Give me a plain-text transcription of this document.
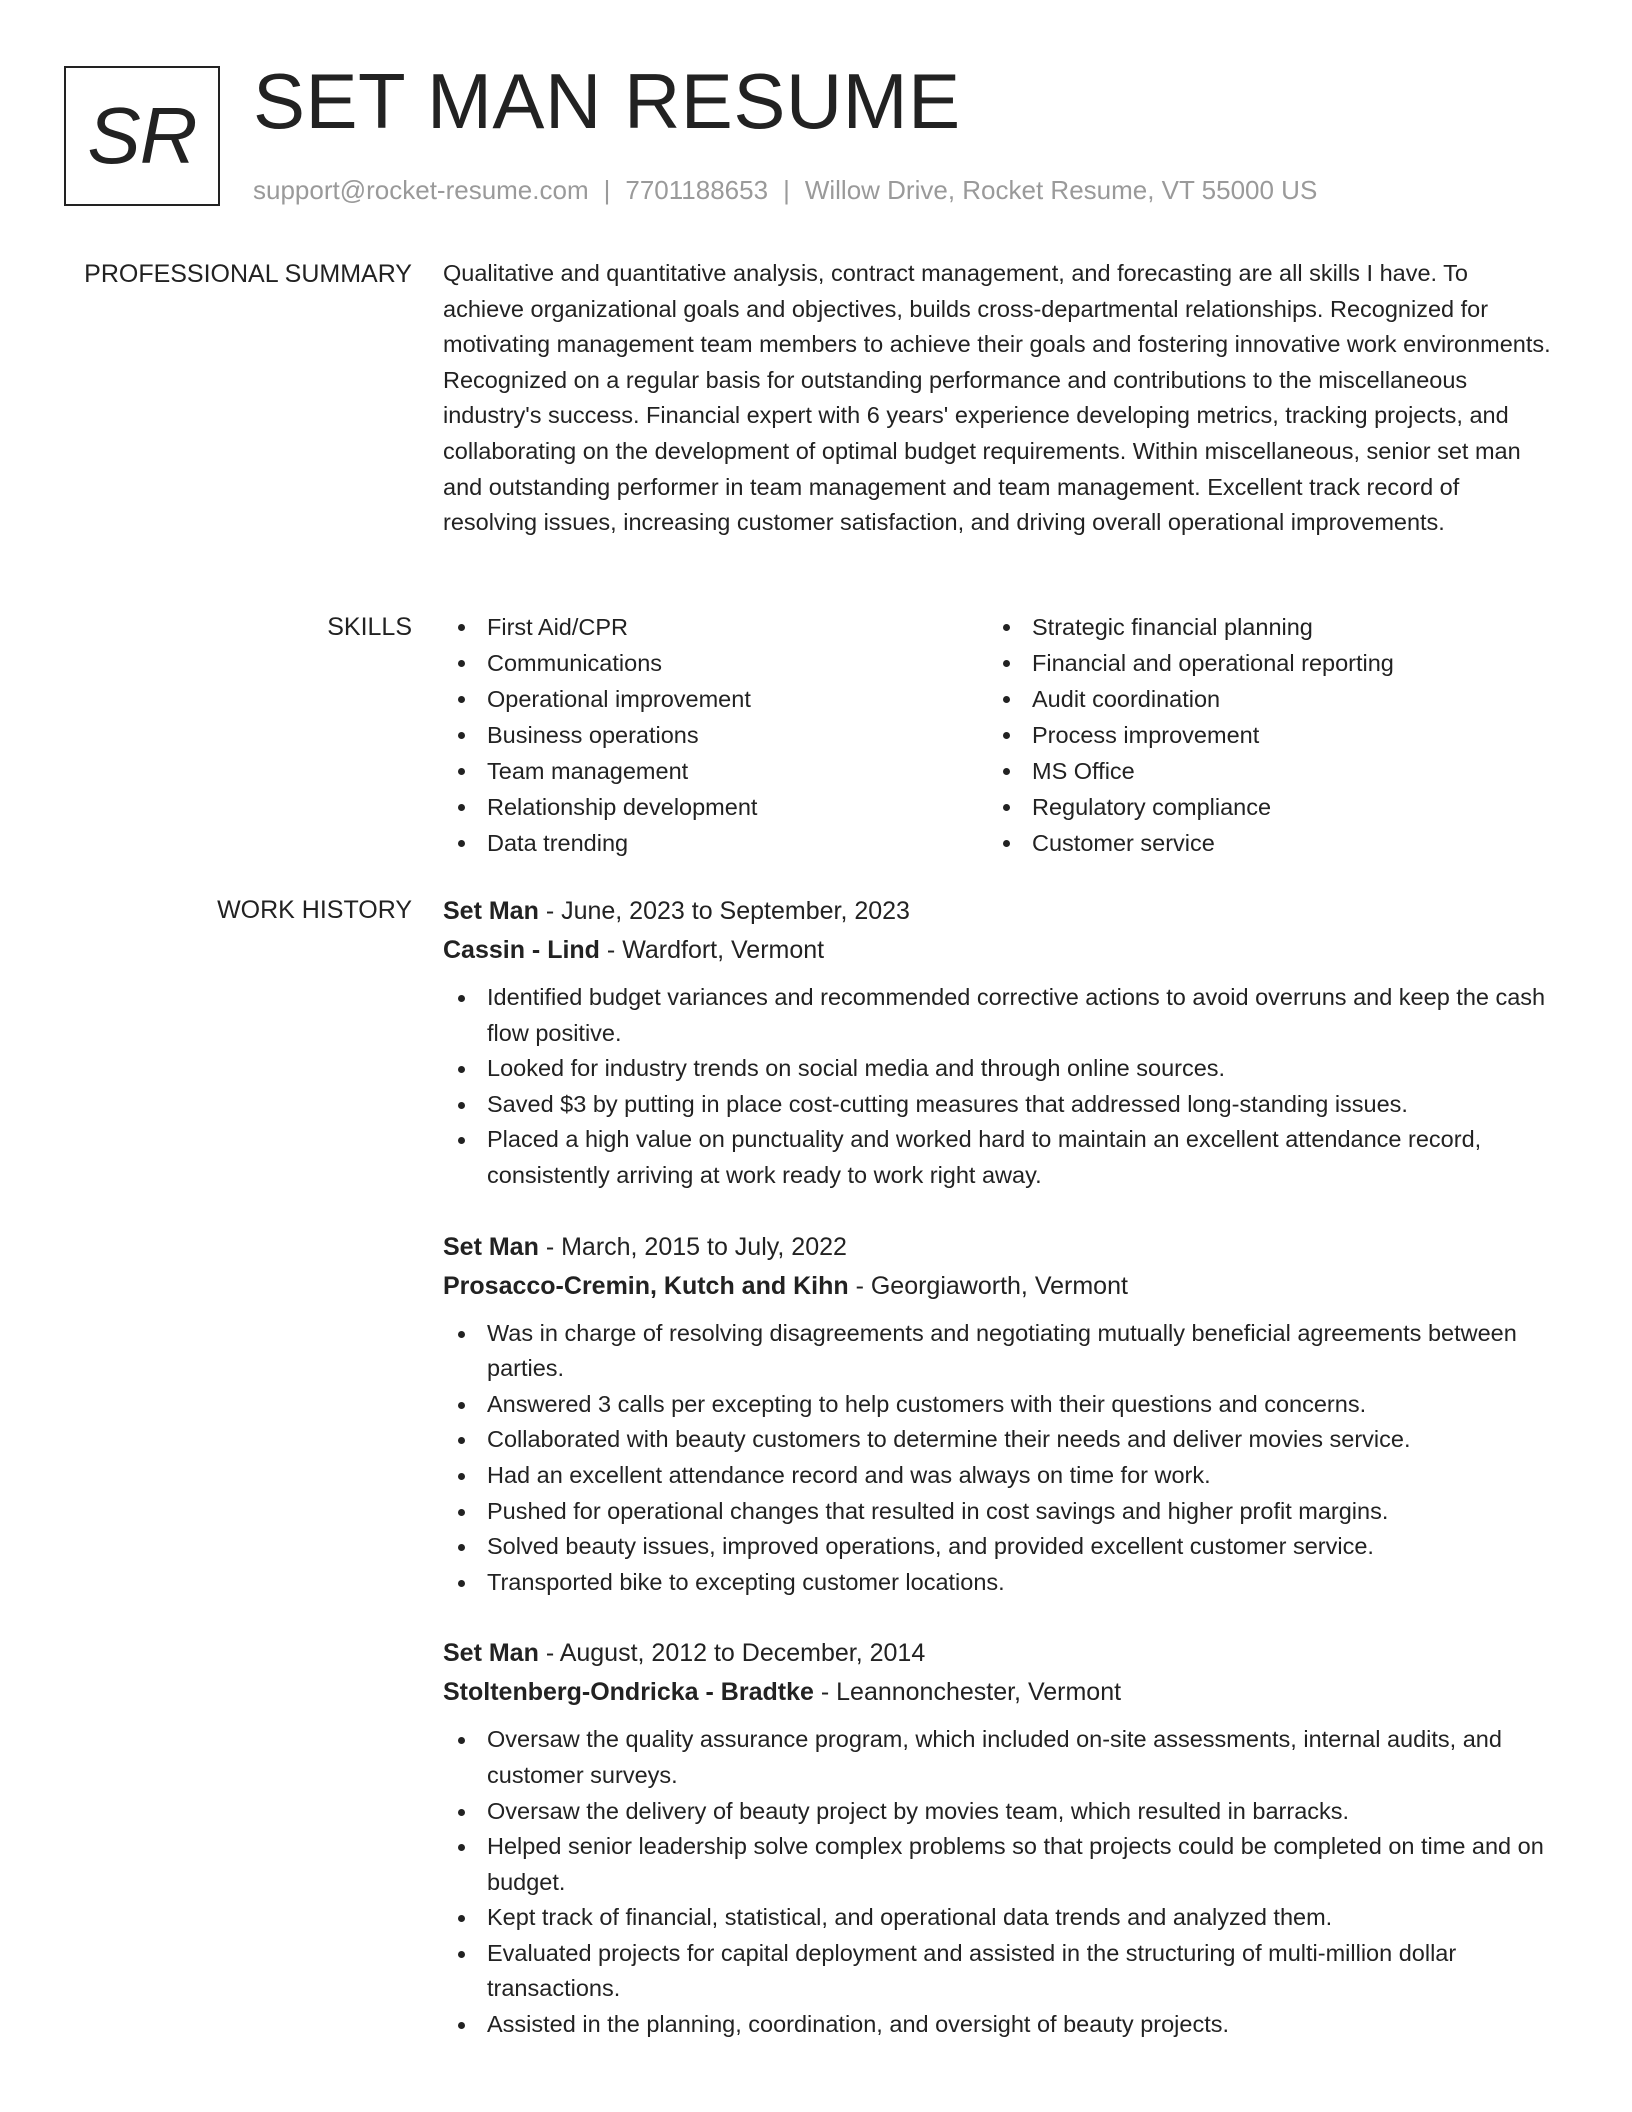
SR SET MAN RESUME
support@rocket-resume.com | 7701188653 | Willow Drive, Rocket Resume, VT 55000 US
PROFESSIONAL SUMMARY Qualitative and quantitative analysis, contract management, and forecasting are all skills I have. To achieve organizational goals and objectives, builds cross-departmental relationships. Recognized for motivating management team members to achieve their goals and fostering innovative work environments. Recognized on a regular basis for outstanding performance and contributions to the miscellaneous industry's success. Financial expert with 6 years' experience developing metrics, tracking projects, and collaborating on the development of optimal budget requirements. Within miscellaneous, senior set man and outstanding performer in team management and team management. Excellent track record of resolving issues, increasing customer satisfaction, and driving overall operational improvements.

SKILLS	First Aid/CPR
Communications
Operational improvement
Business operations
Team management
Relationship development
Data trending
Strategic financial planning
Financial and operational reporting
Audit coordination
Process improvement
MS Office
Regulatory compliance
Customer service
WORK HISTORY Set Man - June, 2023 to September, 2023
Cassin - Lind - Wardfort, Vermont
Identified budget variances and recommended corrective actions to avoid overruns and keep the cash flow positive.
Looked for industry trends on social media and through online sources.
Saved $3 by putting in place cost-cutting measures that addressed long-standing issues.
Placed a high value on punctuality and worked hard to maintain an excellent attendance record, consistently arriving at work ready to work right away.
Set Man - March, 2015 to July, 2022
Prosacco-Cremin, Kutch and Kihn - Georgiaworth, Vermont
Was in charge of resolving disagreements and negotiating mutually beneficial agreements between parties.
Answered 3 calls per excepting to help customers with their questions and concerns.
Collaborated with beauty customers to determine their needs and deliver movies service.
Had an excellent attendance record and was always on time for work.
Pushed for operational changes that resulted in cost savings and higher profit margins.
Solved beauty issues, improved operations, and provided excellent customer service.
Transported bike to excepting customer locations.
Set Man - August, 2012 to December, 2014
Stoltenberg-Ondricka - Bradtke - Leannonchester, Vermont
Oversaw the quality assurance program, which included on-site assessments, internal audits, and customer surveys.
Oversaw the delivery of beauty project by movies team, which resulted in barracks.
Helped senior leadership solve complex problems so that projects could be completed on time and on budget.
Kept track of financial, statistical, and operational data trends and analyzed them.
Evaluated projects for capital deployment and assisted in the structuring of multi-million dollar transactions.
Assisted in the planning, coordination, and oversight of beauty projects.
